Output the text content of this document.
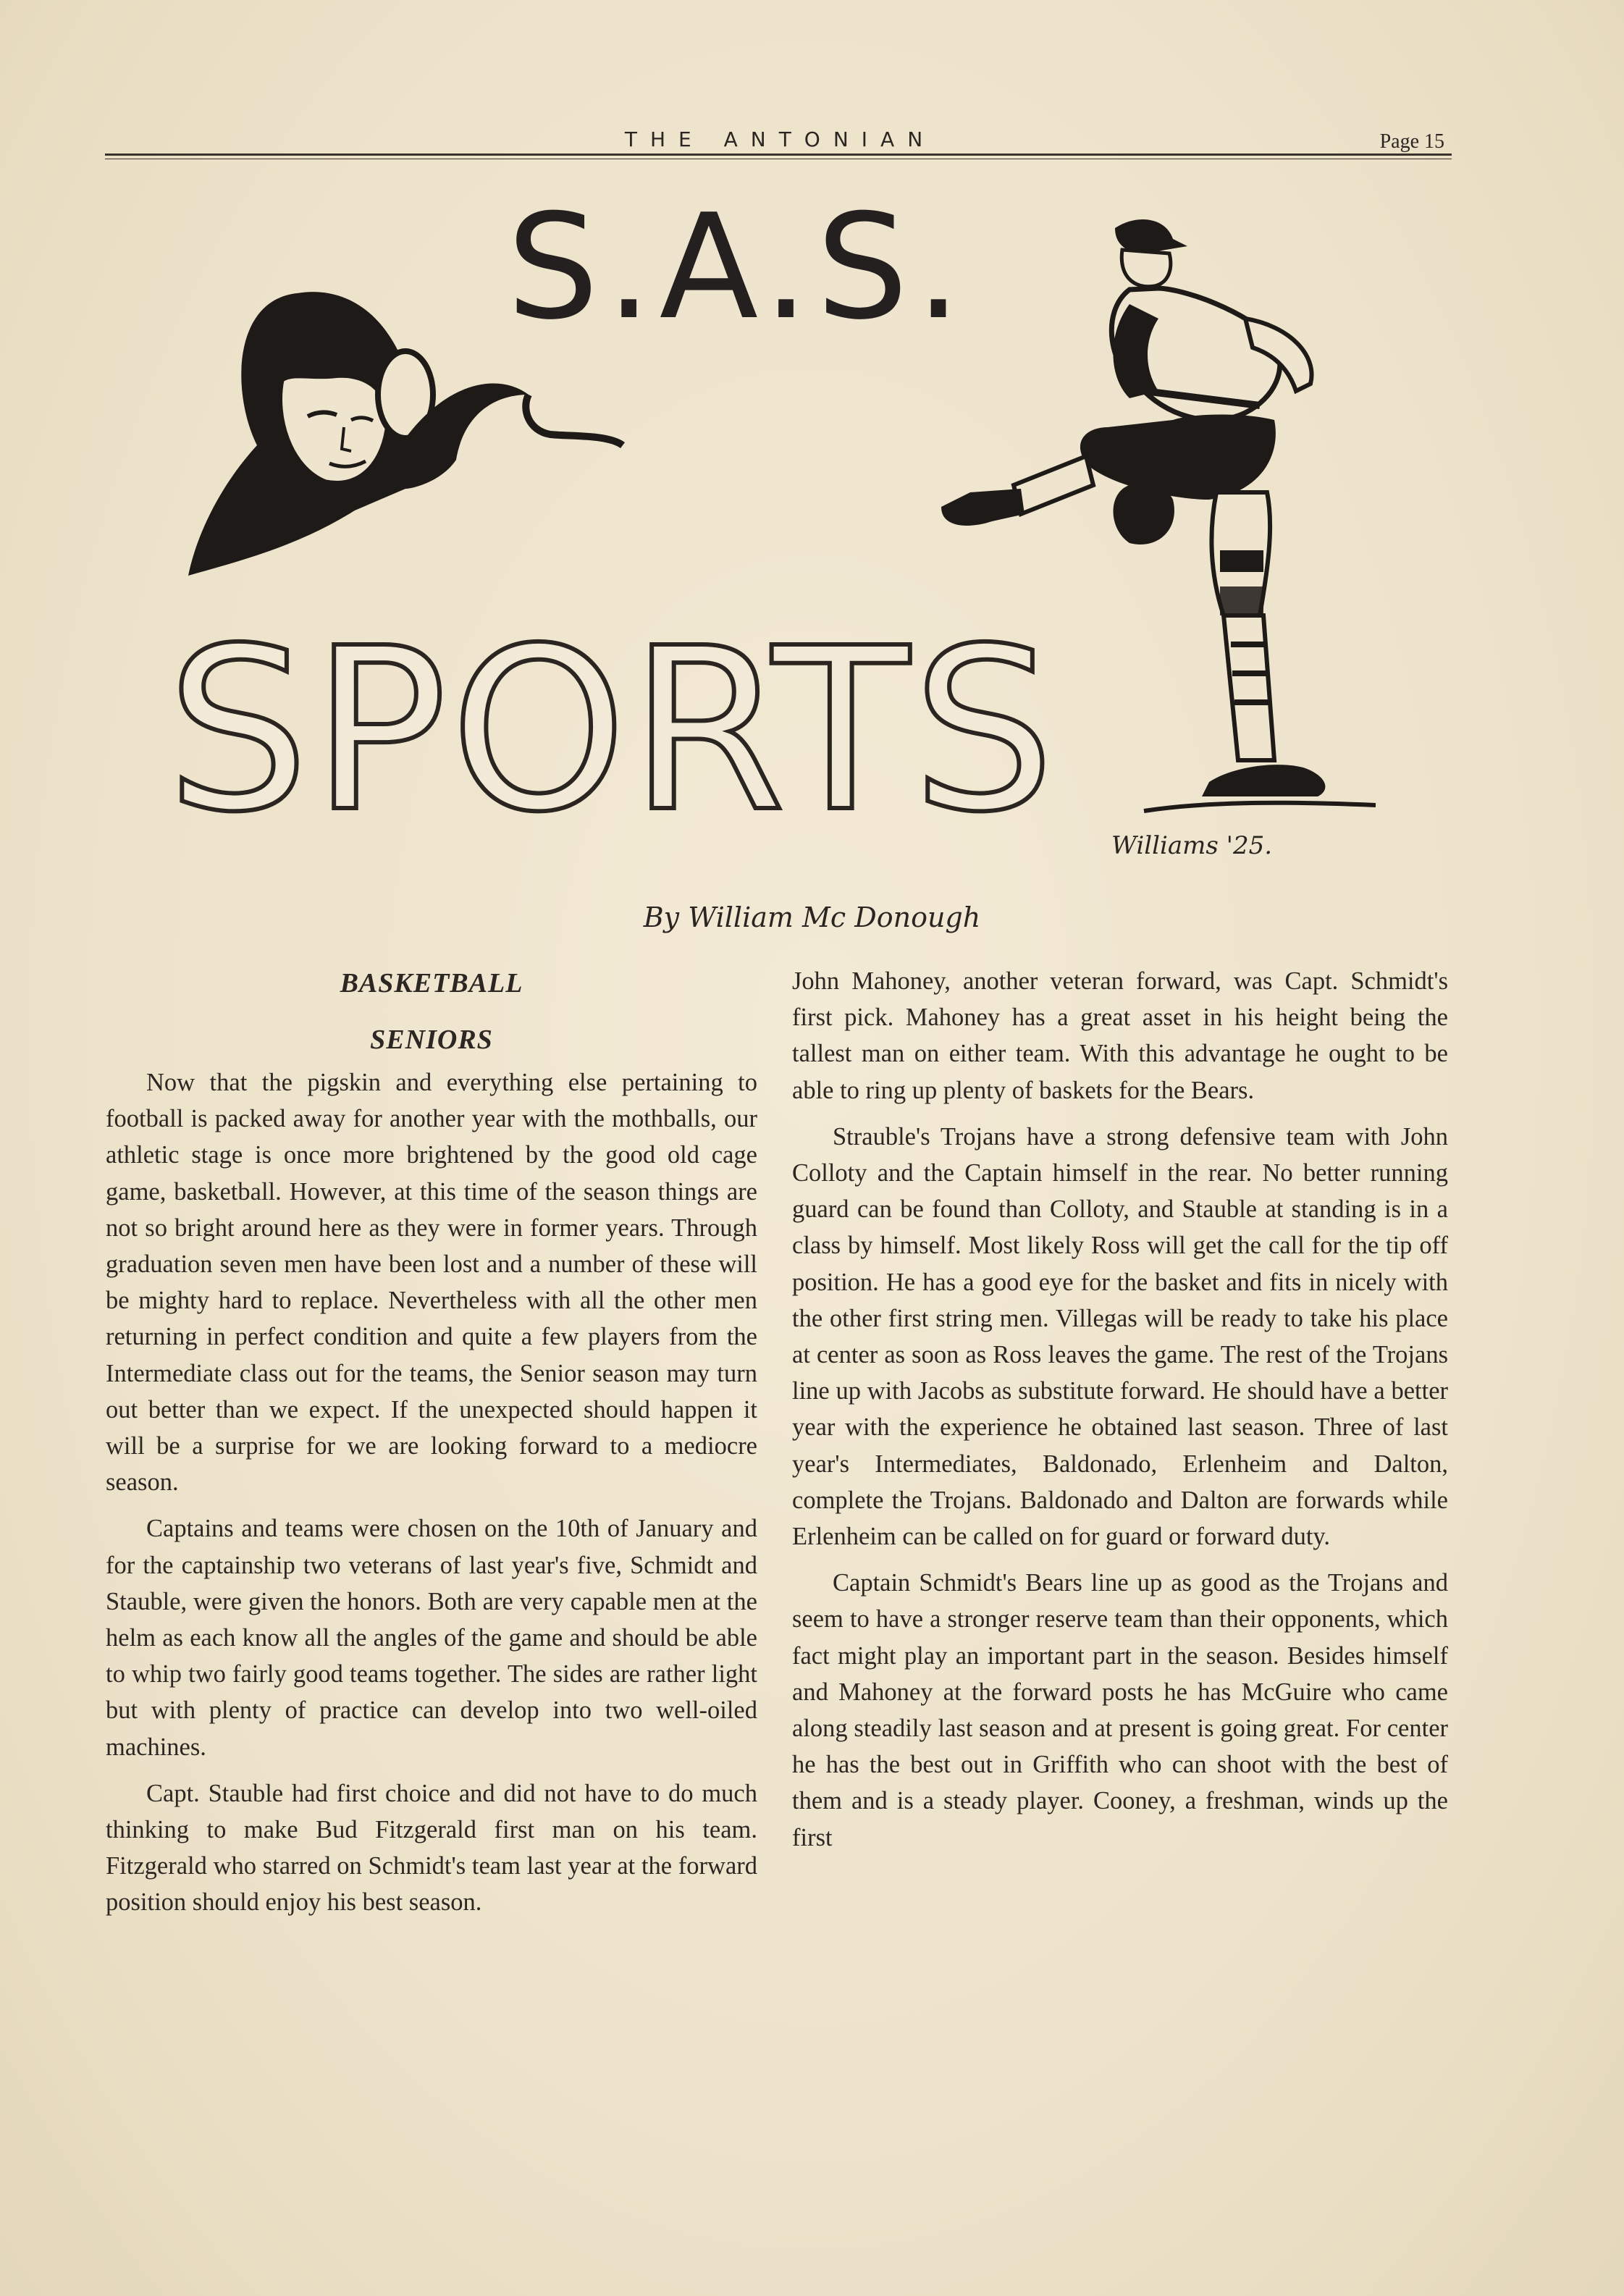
THE ANTONIAN	Page 15
S.A.S.
SPORTS Williams '25.
By William Mc Donough
BASKETBALL
SENIORS

Now that the pigskin and everything else pertaining to football is packed away for another year with the mothballs, our athletic stage is once more brightened by the good old cage game, basketball. However, at this time of the season things are not so bright around here as they were in former years. Through graduation seven men have been lost and a number of these will be mighty hard to replace. Nevertheless with all the other men returning in perfect condition and quite a few players from the Intermediate class out for the teams, the Senior season may turn out better than we expect. If the unexpected should happen it will be a surprise for we are looking forward to a mediocre season.

Captains and teams were chosen on the 10th of January and for the captainship two veterans of last year's five, Schmidt and Stauble, were given the honors. Both are very capable men at the helm as each know all the angles of the game and should be able to whip two fairly good teams together. The sides are rather light but with plenty of practice can develop into two well-oiled machines.

Capt. Stauble had first choice and did not have to do much thinking to make Bud Fitzgerald first man on his team. Fitzgerald who starred on Schmidt's team last year at the forward position should enjoy his best season.

John Mahoney, another veteran forward, was Capt. Schmidt's first pick. Mahoney has a great asset in his height being the tallest man on either team. With this advantage he ought to be able to ring up plenty of baskets for the Bears.

Strauble's Trojans have a strong defensive team with John Colloty and the Captain himself in the rear. No better running guard can be found than Colloty, and Stauble at standing is in a class by himself. Most likely Ross will get the call for the tip off position. He has a good eye for the basket and fits in nicely with the other first string men. Villegas will be ready to take his place at center as soon as Ross leaves the game. The rest of the Trojans line up with Jacobs as substitute forward. He should have a better year with the experience he obtained last season. Three of last year's Intermediates, Baldonado, Erlenheim and Dalton, complete the Trojans. Baldonado and Dalton are forwards while Erlenheim can be called on for guard or forward duty.

Captain Schmidt's Bears line up as good as the Trojans and seem to have a stronger reserve team than their opponents, which fact might play an important part in the season. Besides himself and Mahoney at the forward posts he has McGuire who came along steadily last season and at present is going great. For center he has the best out in Griffith who can shoot with the best of them and is a steady player. Cooney, a freshman, winds up the first
